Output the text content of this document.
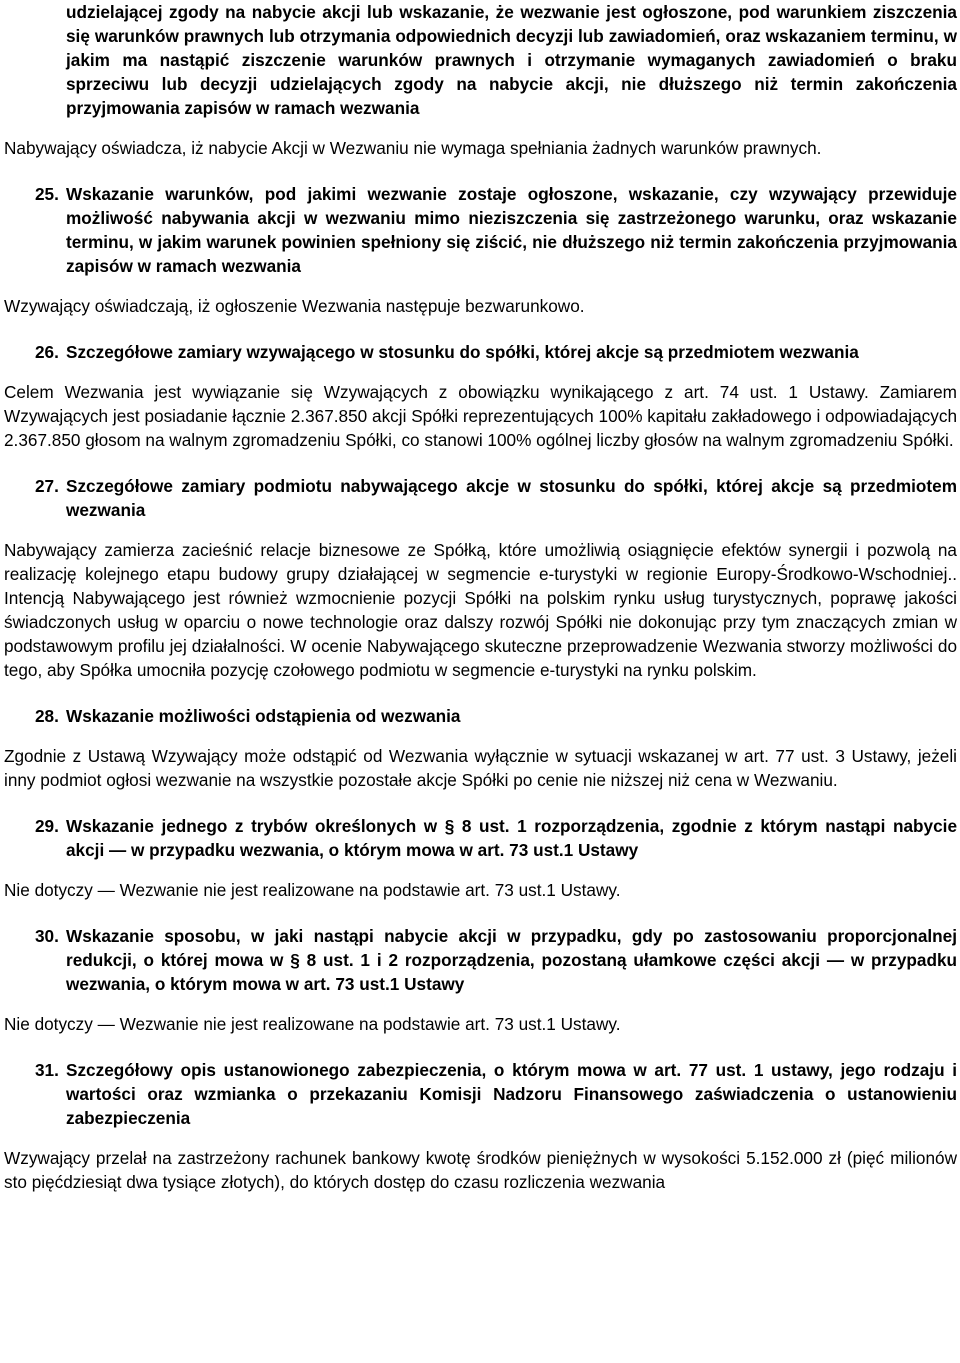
udzielającej zgody na nabycie akcji lub wskazanie, że wezwanie jest ogłoszone, pod warunkiem ziszczenia się warunków prawnych lub otrzymania odpowiednich decyzji lub zawiadomień, oraz wskazaniem terminu, w jakim ma nastąpić ziszczenie warunków prawnych i otrzymanie wymaganych zawiadomień o braku sprzeciwu lub decyzji udzielających zgody na nabycie akcji, nie dłuższego niż termin zakończenia przyjmowania zapisów w ramach wezwania

Nabywający oświadcza, iż nabycie Akcji w Wezwaniu nie wymaga spełniania żadnych warunków prawnych.

25. Wskazanie warunków, pod jakimi wezwanie zostaje ogłoszone, wskazanie, czy wzywający przewiduje możliwość nabywania akcji w wezwaniu mimo nieziszczenia się zastrzeżonego warunku, oraz wskazanie terminu, w jakim warunek powinien spełniony się ziścić, nie dłuższego niż termin zakończenia przyjmowania zapisów w ramach wezwania

Wzywający oświadczają, iż ogłoszenie Wezwania następuje bezwarunkowo.

26. Szczegółowe zamiary wzywającego w stosunku do spółki, której akcje są przedmiotem wezwania

Celem Wezwania jest wywiązanie się Wzywających z obowiązku wynikającego z art. 74 ust. 1 Ustawy. Zamiarem Wzywających jest posiadanie łącznie 2.367.850 akcji Spółki reprezentujących 100% kapitału zakładowego i odpowiadających 2.367.850 głosom na walnym zgromadzeniu Spółki, co stanowi 100% ogólnej liczby głosów na walnym zgromadzeniu Spółki.

27. Szczegółowe zamiary podmiotu nabywającego akcje w stosunku do spółki, której akcje są przedmiotem wezwania

Nabywający zamierza zacieśnić relacje biznesowe ze Spółką, które umożliwią osiągnięcie efektów synergii i pozwolą na realizację kolejnego etapu budowy grupy działającej w segmencie e-turystyki w regionie Europy-Środkowo-Wschodniej.. Intencją Nabywającego jest również wzmocnienie pozycji Spółki na polskim rynku usług turystycznych, poprawę jakości świadczonych usług w oparciu o nowe technologie oraz dalszy rozwój Spółki nie dokonując przy tym znaczących zmian w podstawowym profilu jej działalności. W ocenie Nabywającego skuteczne przeprowadzenie Wezwania stworzy możliwości do tego, aby Spółka umocniła pozycję czołowego podmiotu w segmencie e-turystyki na rynku polskim.

28. Wskazanie możliwości odstąpienia od wezwania

Zgodnie z Ustawą Wzywający może odstąpić od Wezwania wyłącznie w sytuacji wskazanej w art. 77 ust. 3 Ustawy, jeżeli inny podmiot ogłosi wezwanie na wszystkie pozostałe akcje Spółki po cenie nie niższej niż cena w Wezwaniu.

29. Wskazanie jednego z trybów określonych w § 8 ust. 1 rozporządzenia, zgodnie z którym nastąpi nabycie akcji — w przypadku wezwania, o którym mowa w art. 73 ust.1 Ustawy

Nie dotyczy — Wezwanie nie jest realizowane na podstawie art. 73 ust.1 Ustawy.

30. Wskazanie sposobu, w jaki nastąpi nabycie akcji w przypadku, gdy po zastosowaniu proporcjonalnej redukcji, o której mowa w § 8 ust. 1 i 2 rozporządzenia, pozostaną ułamkowe części akcji — w przypadku wezwania, o którym mowa w art. 73 ust.1 Ustawy

Nie dotyczy — Wezwanie nie jest realizowane na podstawie art. 73 ust.1 Ustawy.

31. Szczegółowy opis ustanowionego zabezpieczenia, o którym mowa w art. 77 ust. 1 ustawy, jego rodzaju i wartości oraz wzmianka o przekazaniu Komisji Nadzoru Finansowego zaświadczenia o ustanowieniu zabezpieczenia

Wzywający przelał na zastrzeżony rachunek bankowy kwotę środków pieniężnych w wysokości 5.152.000 zł (pięć milionów sto pięćdziesiąt dwa tysiące złotych), do których dostęp do czasu rozliczenia wezwania
